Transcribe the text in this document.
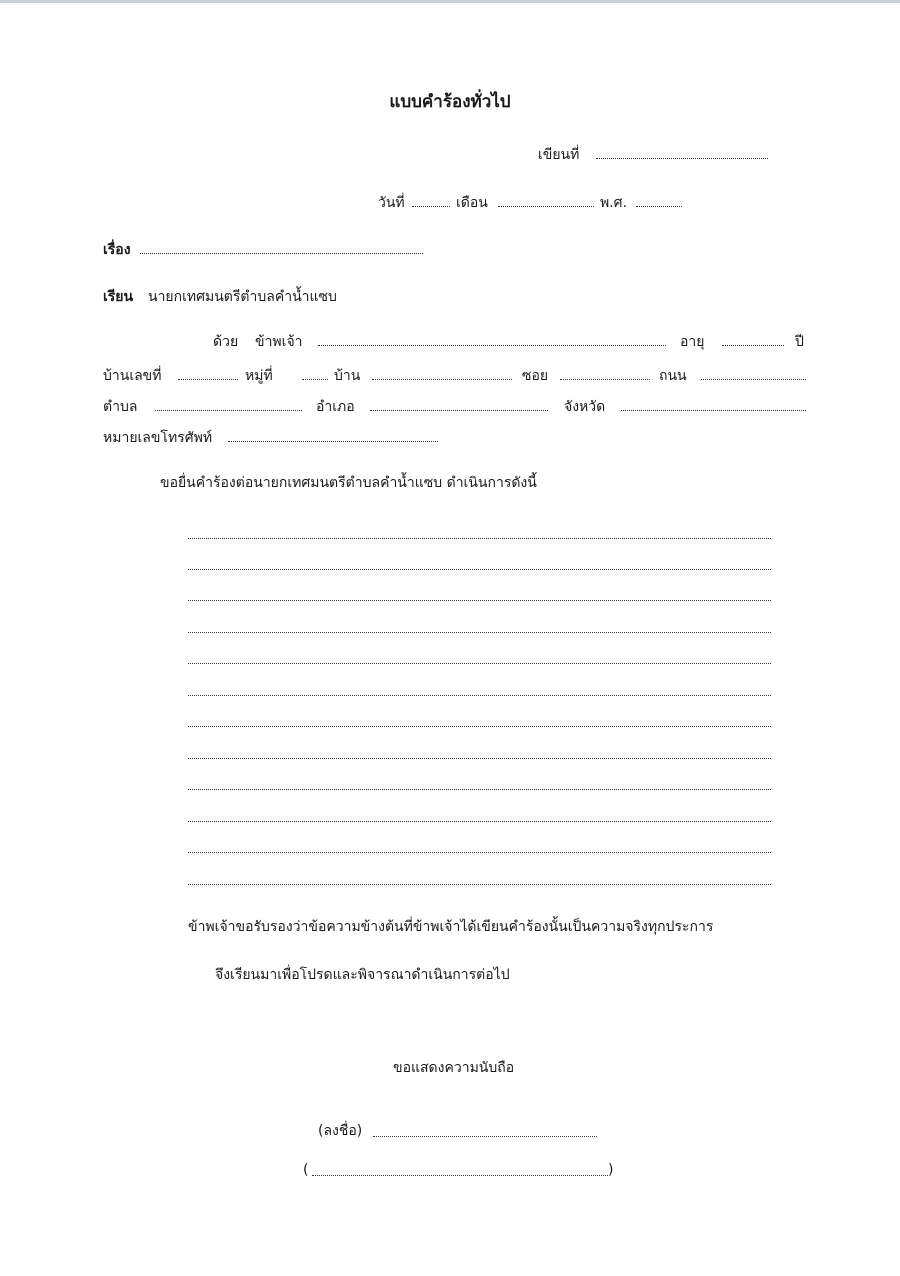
แบบคำร้องทั่วไป
เขียนที่
วันที่	เดือน	พ.ศ.
เรื่อง
เรียน นายกเทศมนตรีตำบลคำน้ำแซบ
ด้วย ข้าพเจ้า	อายุ	ปี
บ้านเลขที่	หมู่ที่	บ้าน	ซอย	ถนน
ตำบล	อำเภอ	จังหวัด
หมายเลขโทรศัพท์
ขอยื่นคำร้องต่อนายกเทศมนตรีตำบลคำน้ำแซบ ดำเนินการดังนี้
ข้าพเจ้าขอรับรองว่าข้อความข้างต้นที่ข้าพเจ้าได้เขียนคำร้องนั้นเป็นความจริงทุกประการ
จึงเรียนมาเพื่อโปรดและพิจารณาดำเนินการต่อไป
ขอแสดงความนับถือ
(ลงชื่อ)
(	)
